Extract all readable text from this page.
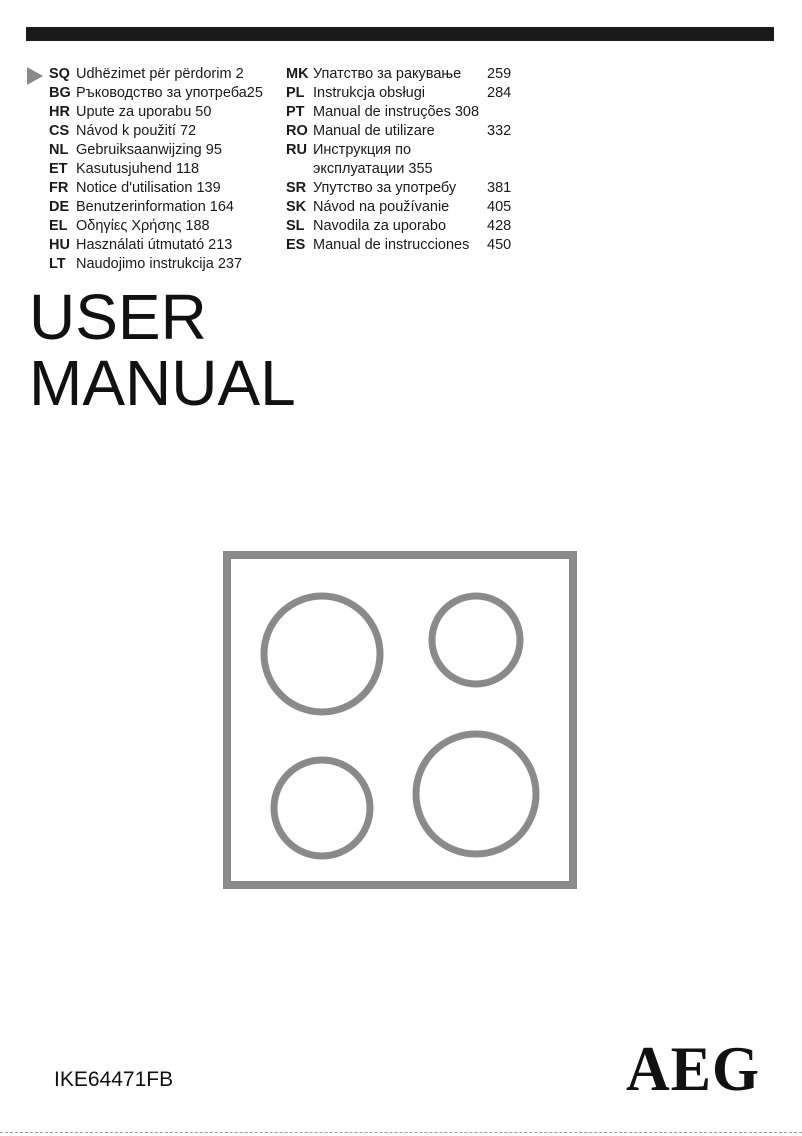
SQ Udhëzimet për përdorim 2
BG Ръководство за употреба25
HR Upute za uporabu 50
CS Návod k použití 72
NL Gebruiksaanwijzing 95
ET Kasutusjuhend 118
FR Notice d'utilisation 139
DE Benutzerinformation 164
EL Οδηγίες Χρήσης 188
HU Használati útmutató 213
LT Naudojimo instrukcija 237
MK Упатство за ракување 259
PL Instrukcja obsługi	284
PT Manual de instruções 308
RO Manual de utilizare	332
RU Инструкция по
эксплуатации 355
SR Упутство за употребу 381
SK Návod na používanie	405
SL Navodila za uporabo	428
ES Manual de instrucciones 450
USER
MANUAL
IKE64471FB	AEG
